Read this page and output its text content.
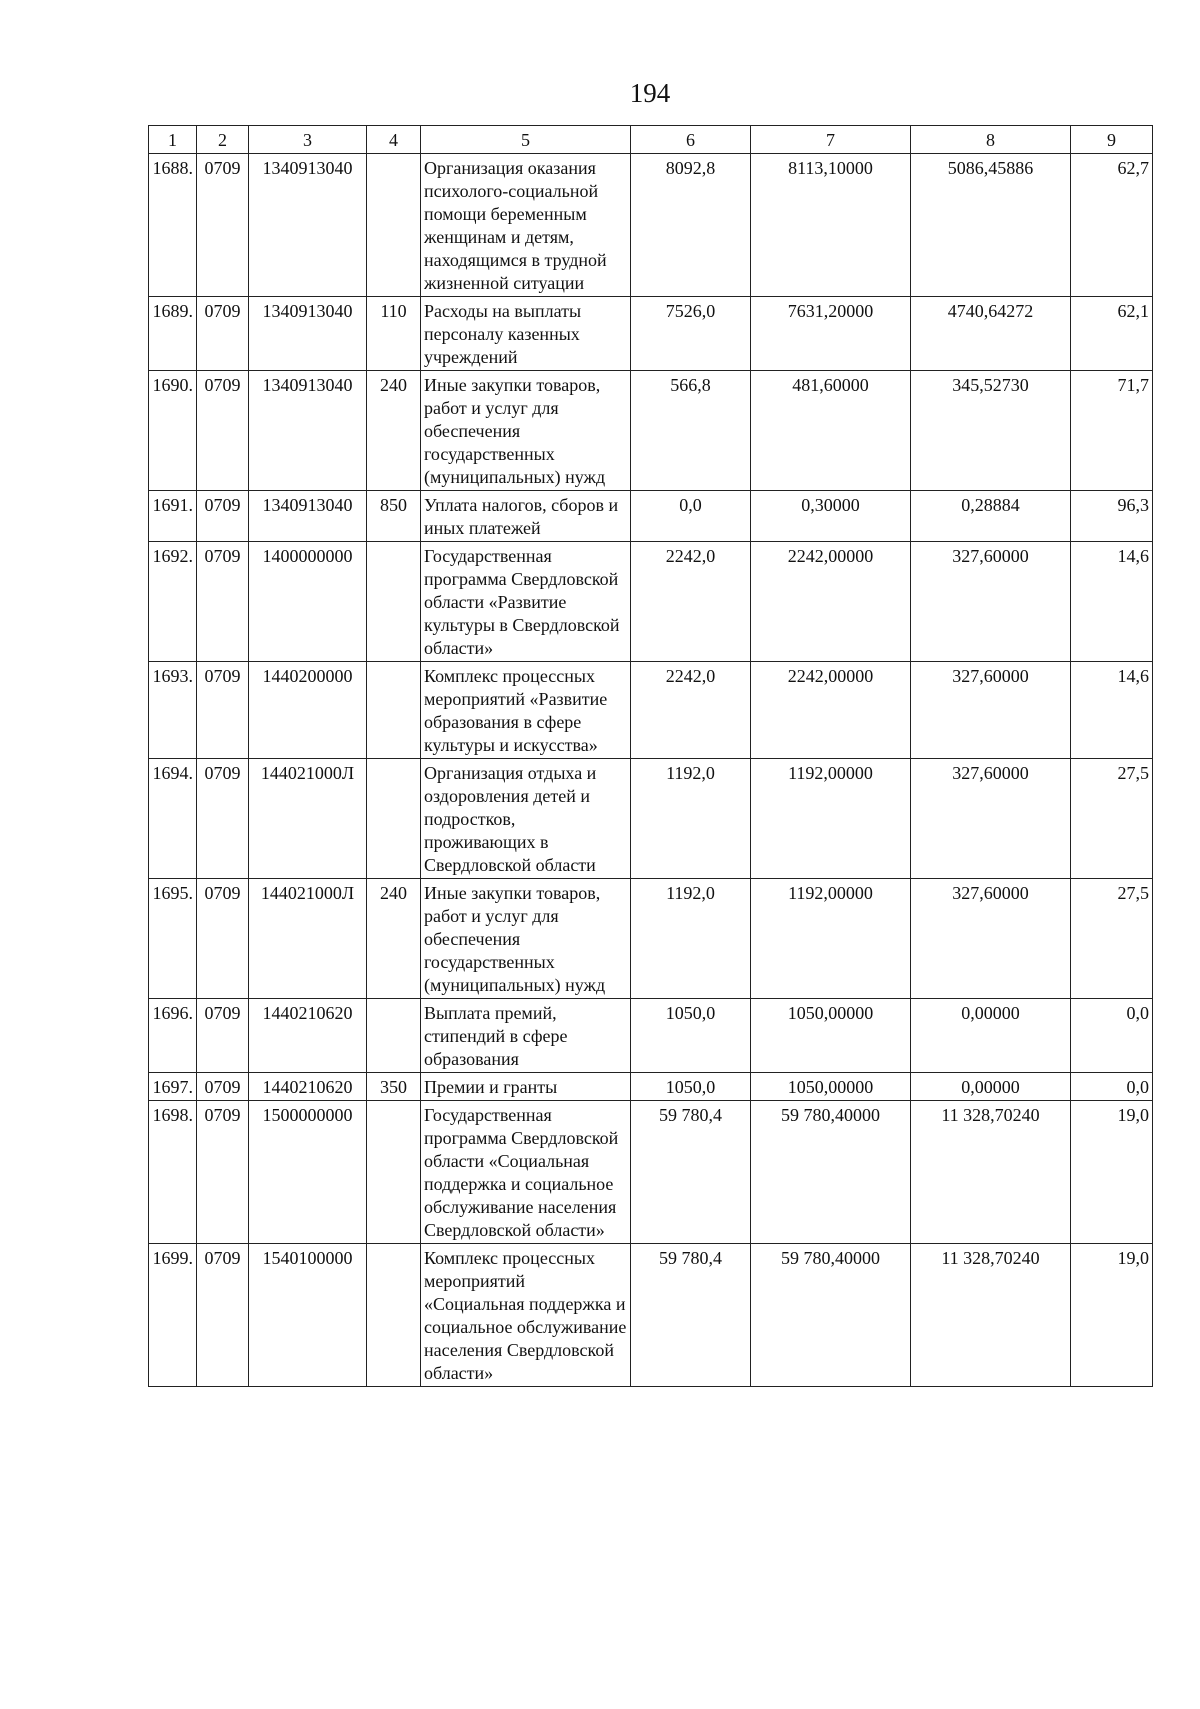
194
1	2	3	4	5	6	7	8	9
1688.	0709	1340913040		Организация оказания психолого-социальной помощи беременным женщинам и детям, находящимся в трудной жизненной ситуации	8092,8	8113,10000	5086,45886	62,7
1689.	0709	1340913040	110	Расходы на выплаты персоналу казенных учреждений	7526,0	7631,20000	4740,64272	62,1
1690.	0709	1340913040	240	Иные закупки товаров, работ и услуг для обеспечения государственных (муниципальных) нужд	566,8	481,60000	345,52730	71,7
1691.	0709	1340913040	850	Уплата налогов, сборов и иных платежей	0,0	0,30000	0,28884	96,3
1692.	0709	1400000000		Государственная программа Свердловской области «Развитие культуры в Свердловской области»	2242,0	2242,00000	327,60000	14,6
1693.	0709	1440200000		Комплекс процессных мероприятий «Развитие образования в сфере культуры и искусства»	2242,0	2242,00000	327,60000	14,6
1694.	0709	144021000Л		Организация отдыха и оздоровления детей и подростков, проживающих в Свердловской области	1192,0	1192,00000	327,60000	27,5
1695.	0709	144021000Л	240	Иные закупки товаров, работ и услуг для обеспечения государственных (муниципальных) нужд	1192,0	1192,00000	327,60000	27,5
1696.	0709	1440210620		Выплата премий, стипендий в сфере образования	1050,0	1050,00000	0,00000	0,0
1697.	0709	1440210620	350	Премии и гранты	1050,0	1050,00000	0,00000	0,0
1698.	0709	1500000000		Государственная программа Свердловской области «Социальная поддержка и социальное обслуживание населения Свердловской области»	59 780,4	59 780,40000	11 328,70240	19,0
1699.	0709	1540100000		Комплекс процессных мероприятий «Социальная поддержка и социальное обслуживание населения Свердловской области»	59 780,4	59 780,40000	11 328,70240	19,0
